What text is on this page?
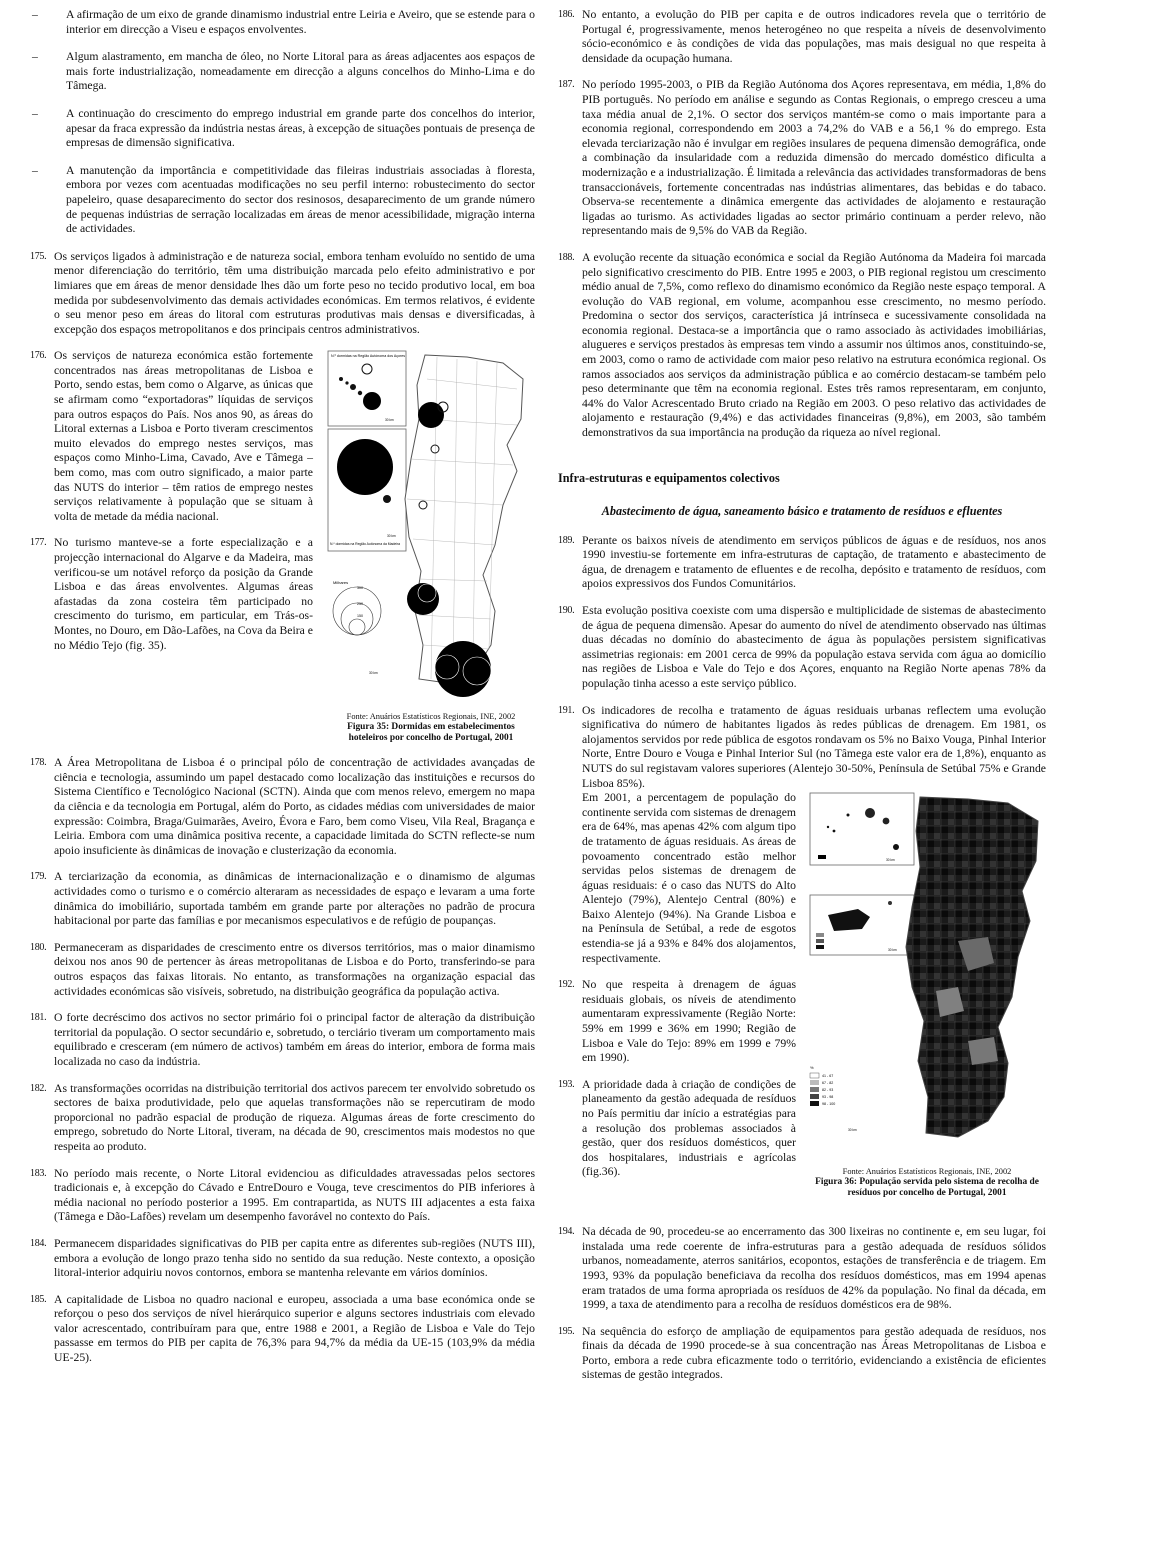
–	A afirmação de um eixo de grande dinamismo industrial entre Leiria e Aveiro, que se estende para o interior em direcção a Viseu e espaços envolventes.

–	Algum alastramento, em mancha de óleo, no Norte Litoral para as áreas adjacentes aos espaços de mais forte industrialização, nomeadamente em direcção a alguns concelhos do Minho-Lima e do Tâmega.

–	A continuação do crescimento do emprego industrial em grande parte dos concelhos do interior, apesar da fraca expressão da indústria nestas áreas, à excepção de situações pontuais de presença de empresas de dimensão significativa.

–	A manutenção da importância e competitividade das fileiras industriais associadas à floresta, embora por vezes com acentuadas modificações no seu perfil interno: robustecimento do sector papeleiro, quase desaparecimento do sector dos resinosos, desaparecimento de um grande número de pequenas indústrias de serração localizadas em áreas de menor acessibilidade, migração interna de actividades.

175. Os serviços ligados à administração e de natureza social, embora tenham evoluído no sentido de uma menor diferenciação do território, têm uma distribuição marcada pelo efeito administrativo e por limiares que em áreas de menor densidade lhes dão um forte peso no tecido produtivo local, em boa medida por subdesenvolvimento das demais actividades económicas. Em termos relativos, é evidente o seu menor peso em áreas do litoral com estruturas produtivas mais densas e diversificadas, à excepção dos espaços metropolitanos e dos principais centros administrativos.

176. Os serviços de natureza económica estão fortemente concentrados nas áreas metropolitanas de Lisboa e Porto, sendo estas, bem como o Algarve, as únicas que se afirmam como “exportadoras” líquidas de serviços para outros espaços do País. Nos anos 90, as áreas do Litoral externas a Lisboa e Porto tiveram crescimentos muito elevados do emprego nestes serviços, mas espaços como Minho-Lima, Cavado, Ave e Tâmega – bem como, mas com outro significado, a maior parte das NUTS do interior – têm ratios de emprego nestes serviços relativamente à população que se situam à volta de metade da média nacional.

177. No turismo manteve-se a forte especialização e a projecção internacional do Algarve e da Madeira, mas verificou-se um notável reforço da posição da Grande Lisboa e das áreas envolventes. Algumas áreas afastadas da zona costeira têm participado no crescimento do turismo, em particular, em Trás-os-Montes, no Douro, em Dão-Lafões, na Cova da Beira e no Médio Tejo (fig. 35).

N.º dormidas na Região Autónoma dos Açores
30 km
30 km
N.º dormidas na Região Autónoma da Madeira
Milhares
300
250
150
30 km
Fonte: Anuários Estatísticos Regionais, INE, 2002
Figura 35: Dormidas em estabelecimentos hoteleiros por concelho de Portugal, 2001
178. A Área Metropolitana de Lisboa é o principal pólo de concentração de actividades avançadas de ciência e tecnologia, assumindo um papel destacado como localização das instituições e recursos do Sistema Científico e Tecnológico Nacional (SCTN). Ainda que com menos relevo, emergem no mapa da ciência e da tecnologia em Portugal, além do Porto, as cidades médias com universidades de maior expressão: Coimbra, Braga/Guimarães, Aveiro, Évora e Faro, bem como Viseu, Vila Real, Bragança e Leiria. Embora com uma dinâmica positiva recente, a capacidade limitada do SCTN reflecte-se num apoio insuficiente às dinâmicas de inovação e clusterização da economia.

179. A terciarização da economia, as dinâmicas de internacionalização e o dinamismo de algumas actividades como o turismo e o comércio alteraram as necessidades de espaço e levaram a uma forte dinâmica do imobiliário, suportada também em grande parte por alterações no padrão de procura habitacional por parte das famílias e por mecanismos especulativos e de refúgio de poupanças.

180. Permaneceram as disparidades de crescimento entre os diversos territórios, mas o maior dinamismo deixou nos anos 90 de pertencer às áreas metropolitanas de Lisboa e do Porto, transferindo-se para outros espaços das faixas litorais. No entanto, as transformações na organização espacial das actividades económicas são visíveis, sobretudo, na distribuição geográfica da população activa.

181. O forte decréscimo dos activos no sector primário foi o principal factor de alteração da distribuição territorial da população. O sector secundário e, sobretudo, o terciário tiveram um comportamento mais equilibrado e cresceram (em número de activos) também em áreas do interior, embora de forma mais localizada no caso da indústria.

182. As transformações ocorridas na distribuição territorial dos activos parecem ter envolvido sobretudo os sectores de baixa produtividade, pelo que aquelas transformações não se repercutiram de modo proporcional no padrão espacial de produção de riqueza. Algumas áreas de forte crescimento do emprego, sobretudo do Norte Litoral, tiveram, na década de 90, crescimentos mais modestos no que respeita ao produto.

183. No período mais recente, o Norte Litoral evidenciou as dificuldades atravessadas pelos sectores tradicionais e, à excepção do Cávado e EntreDouro e Vouga, teve crescimentos do PIB inferiores à média nacional no período posterior a 1995. Em contrapartida, as NUTS III adjacentes a esta faixa (Tâmega e Dão-Lafões) revelam um desempenho favorável no contexto do País.

184. Permanecem disparidades significativas do PIB per capita entre as diferentes sub-regiões (NUTS III), embora a evolução de longo prazo tenha sido no sentido da sua redução. Neste contexto, a oposição litoral-interior adquiriu novos contornos, embora se mantenha relevante em vários domínios.

185. A capitalidade de Lisboa no quadro nacional e europeu, associada a uma base económica onde se reforçou o peso dos serviços de nível hierárquico superior e alguns sectores industriais com elevado valor acrescentado, contribuíram para que, entre 1988 e 2001, a Região de Lisboa e Vale do Tejo passasse em termos do PIB per capita de 76,3% para 94,7% da média da UE-15 (103,9% da média UE-25).

186. No entanto, a evolução do PIB per capita e de outros indicadores revela que o território de Portugal é, progressivamente, menos heterogéneo no que respeita a níveis de desenvolvimento sócio-económico e às condições de vida das populações, mas mais desigual no que respeita à densidade da ocupação humana.

187. No período 1995-2003, o PIB da Região Autónoma dos Açores representava, em média, 1,8% do PIB português. No período em análise e segundo as Contas Regionais, o emprego cresceu a uma taxa média anual de 2,1%. O sector dos serviços mantém-se como o mais importante para a economia regional, correspondendo em 2003 a 74,2% do VAB e a 56,1 % do emprego. Esta elevada terciarização não é invulgar em regiões insulares de pequena dimensão demográfica, onde a combinação da insularidade com a reduzida dimensão do mercado doméstico dificulta a modernização e a industrialização. É limitada a relevância das actividades transformadoras de bens transaccionáveis, fortemente concentradas nas indústrias alimentares, das bebidas e do tabaco. Observa-se recentemente a dinâmica emergente das actividades de alojamento e restauração ligadas ao turismo. As actividades ligadas ao sector primário continuam a perder relevo, não representando mais de 9,5% do VAB da Região.

188. A evolução recente da situação económica e social da Região Autónoma da Madeira foi marcada pelo significativo crescimento do PIB. Entre 1995 e 2003, o PIB regional registou um crescimento médio anual de 7,5%, como reflexo do dinamismo económico da Região neste espaço temporal. A evolução do VAB regional, em volume, acompanhou esse crescimento, no mesmo período. Predomina o sector dos serviços, característica já intrínseca e sucessivamente consolidada na economia regional. Destaca-se a importância que o ramo associado às actividades imobiliárias, alugueres e serviços prestados às empresas tem vindo a assumir nos últimos anos, constituindo-se, em 2003, como o ramo de actividade com maior peso relativo na estrutura económica regional. Os ramos associados aos serviços da administração pública e ao comércio destacam-se também pelo peso determinante que têm na economia regional. Estes três ramos representaram, em conjunto, 44% do Valor Acrescentado Bruto criado na Região em 2003. O peso relativo das actividades de alojamento e restauração (9,4%) e das actividades financeiras (9,8%), em 2003, são também demonstrativos da sua importância na produção da riqueza ao nível regional.

Infra-estruturas e equipamentos colectivos
Abastecimento de água, saneamento básico e tratamento de resíduos e efluentes
189. Perante os baixos níveis de atendimento em serviços públicos de águas e de resíduos, nos anos 1990 investiu-se fortemente em infra-estruturas de captação, de tratamento e abastecimento de água, de drenagem e tratamento de efluentes e de recolha, depósito e tratamento de resíduos, com apoios expressivos dos Fundos Comunitários.

190. Esta evolução positiva coexiste com uma dispersão e multiplicidade de sistemas de abastecimento de água de pequena dimensão. Apesar do aumento do nível de atendimento observado nas últimas duas décadas no domínio do abastecimento de água às populações persistem significativas assimetrias regionais: em 2001 cerca de 99% da população estava servida com água ao domicílio nas regiões de Lisboa e Vale do Tejo e dos Açores, enquanto na Região Norte apenas 78% da população tinha acesso a este serviço público.

191. Os indicadores de recolha e tratamento de águas residuais urbanas reflectem uma evolução significativa do número de habitantes ligados às redes públicas de drenagem. Em 1981, os alojamentos servidos por rede pública de esgotos rondavam os 5% no Baixo Vouga, Pinhal Interior Norte, Entre Douro e Vouga e Pinhal Interior Sul (no Tâmega este valor era de 1,8%), enquanto as NUTS do sul registavam valores superiores (Alentejo 30-50%, Península de Setúbal 75% e Grande Lisboa 85%).

Em 2001, a percentagem de população do continente servida com sistemas de drenagem era de 64%, mas apenas 42% com algum tipo de tratamento de águas residuais. As áreas de povoamento concentrado estão melhor servidas pelos sistemas de drenagem de águas residuais: é o caso das NUTS do Alto Alentejo (79%), Alentejo Central (80%) e Baixo Alentejo (94%). Na Grande Lisboa e na Península de Setúbal, a rede de esgotos estendia-se já a 93% e 84% dos alojamentos, respectivamente.

192. No que respeita à drenagem de águas residuais globais, os níveis de atendimento aumentaram expressivamente (Região Norte: 59% em 1999 e 36% em 1990; Região de Lisboa e Vale do Tejo: 89% em 1999 e 79% em 1990).

193. A prioridade dada à criação de condições de planeamento da gestão adequada de resíduos no País permitiu dar início a estratégias para a resolução dos problemas associados à gestão, quer dos resíduos domésticos, quer dos hospitalares, industriais e agrícolas (fig.36).

30 km
30 km
%
41 - 67
67 - 82
82 - 93
93 - 98
98 - 100
30 km
Fonte: Anuários Estatísticos Regionais, INE, 2002
Figura 36: População servida pelo sistema de recolha de resíduos por concelho de Portugal, 2001
194. Na década de 90, procedeu-se ao encerramento das 300 lixeiras no continente e, em seu lugar, foi instalada uma rede coerente de infra-estruturas para a gestão adequada de resíduos sólidos urbanos, nomeadamente, aterros sanitários, ecopontos, estações de transferência e de triagem. Em 1993, 93% da população beneficiava da recolha dos resíduos domésticos, mas em 1994 apenas eram tratados de uma forma apropriada os resíduos de 42% da população. No final da década, em 1999, a taxa de atendimento para a recolha de resíduos domésticos era de 98%.

195. Na sequência do esforço de ampliação de equipamentos para gestão adequada de resíduos, nos finais da década de 1990 procede-se à sua concentração nas Áreas Metropolitanas de Lisboa e Porto, embora a rede cubra eficazmente todo o território, evidenciando a existência de eficientes sistemas de gestão integrados.
